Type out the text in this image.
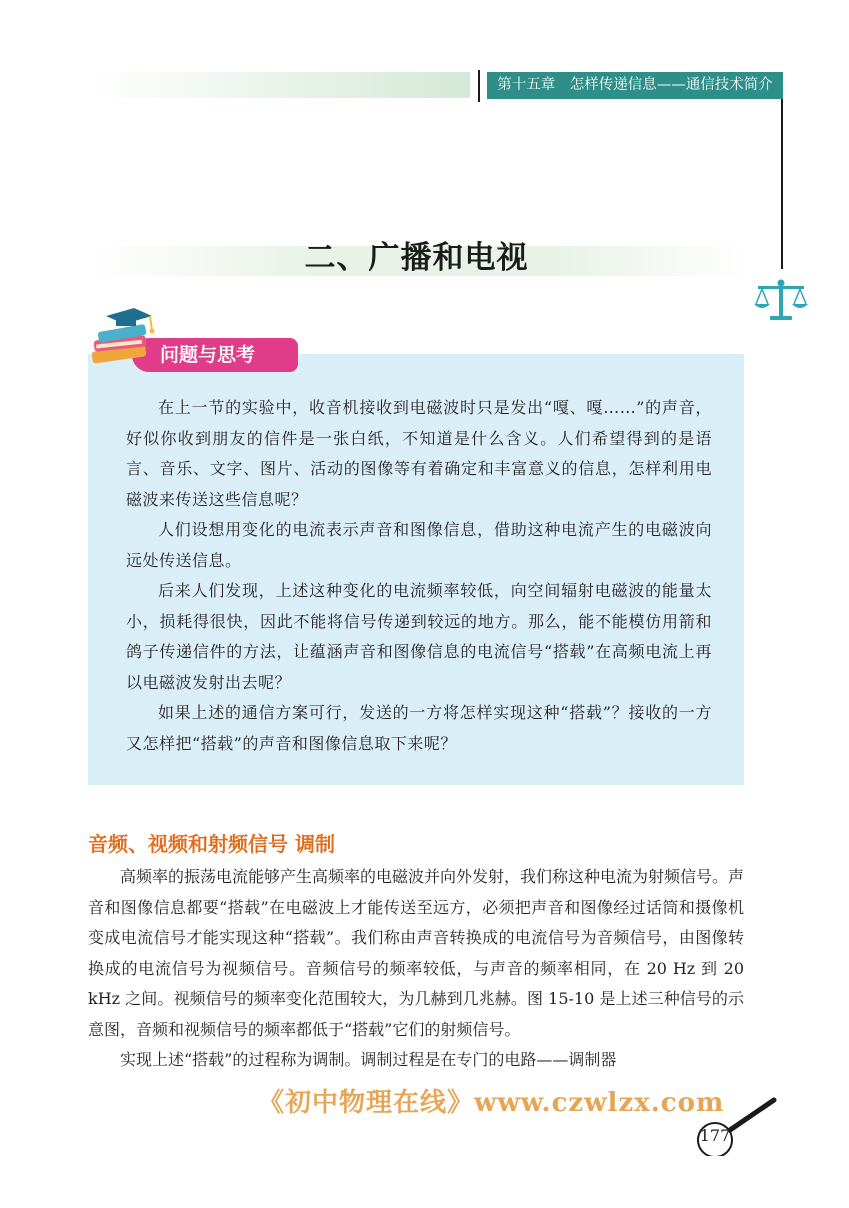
第十五章　怎样传递信息——通信技术简介
二、广播和电视
问题与思考

在上一节的实验中，收音机接收到电磁波时只是发出“嘎、嘎……”的声音，好似你收到朋友的信件是一张白纸，不知道是什么含义。人们希望得到的是语言、音乐、文字、图片、活动的图像等有着确定和丰富意义的信息，怎样利用电磁波来传送这些信息呢？

人们设想用变化的电流表示声音和图像信息，借助这种电流产生的电磁波向远处传送信息。

后来人们发现，上述这种变化的电流频率较低，向空间辐射电磁波的能量太小，损耗得很快，因此不能将信号传递到较远的地方。那么，能不能模仿用箭和鸽子传递信件的方法，让蕴涵声音和图像信息的电流信号“搭载”在高频电流上再以电磁波发射出去呢？

如果上述的通信方案可行，发送的一方将怎样实现这种“搭载”？接收的一方又怎样把“搭载”的声音和图像信息取下来呢？

音频、视频和射频信号 调制

高频率的振荡电流能够产生高频率的电磁波并向外发射，我们称这种电流为射频信号。声音和图像信息都要“搭载”在电磁波上才能传送至远方，必须把声音和图像经过话筒和摄像机变成电流信号才能实现这种“搭载”。我们称由声音转换成的电流信号为音频信号，由图像转换成的电流信号为视频信号。音频信号的频率较低，与声音的频率相同，在 20 Hz 到 20 kHz 之间。视频信号的频率变化范围较大，为几赫到几兆赫。图 15-10 是上述三种信号的示意图，音频和视频信号的频率都低于“搭载”它们的射频信号。

实现上述“搭载”的过程称为调制。调制过程是在专门的电路——调制器

《初中物理在线》www.czwlzx.com
177
